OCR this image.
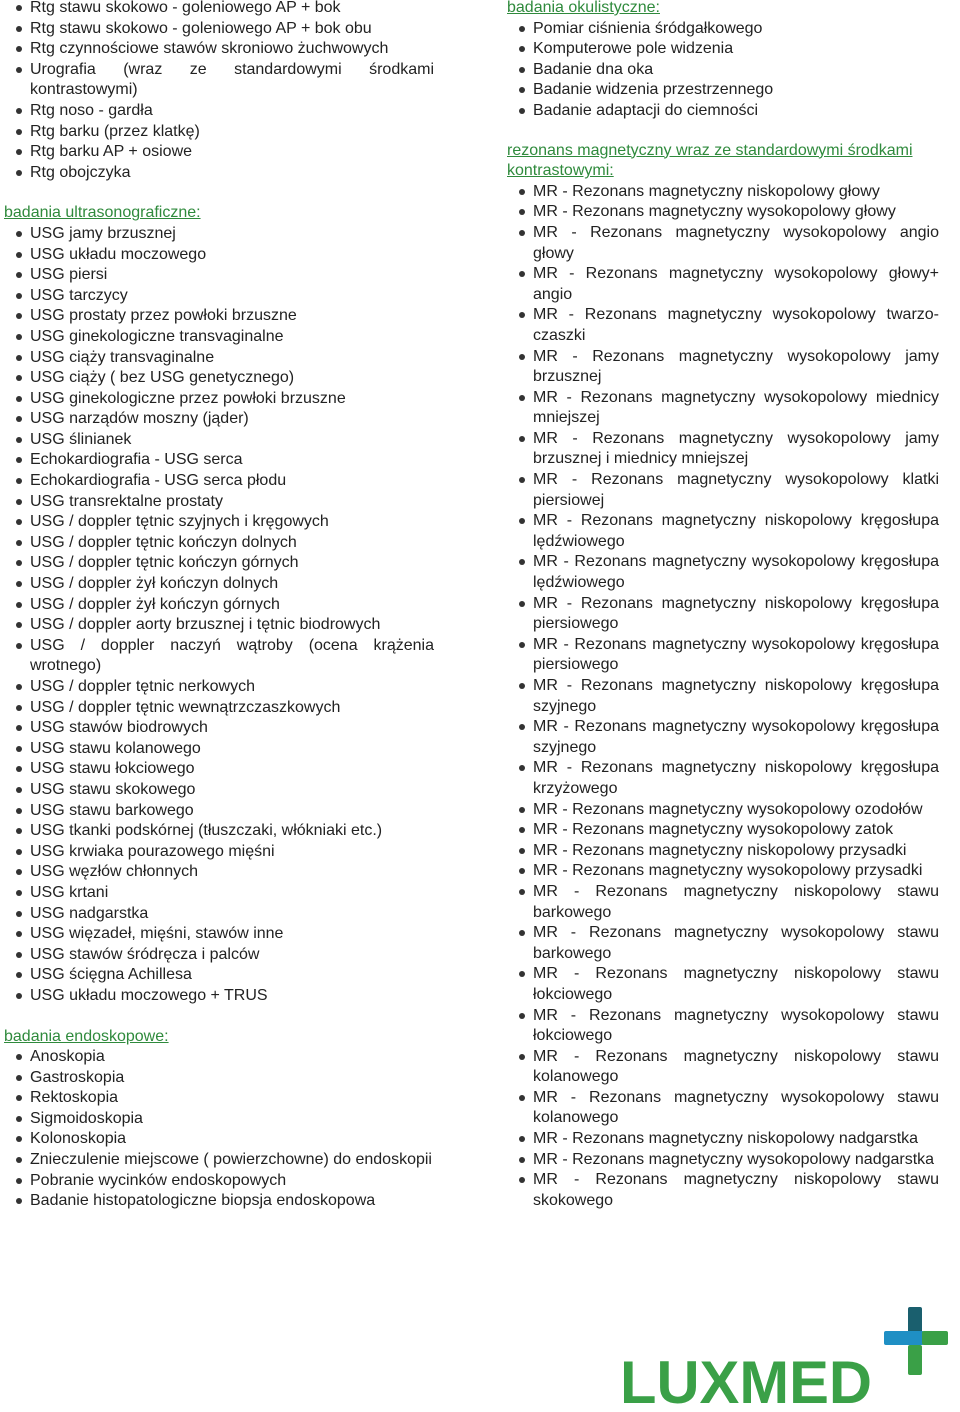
Rtg stawu skokowo - goleniowego AP + bok
Rtg stawu skokowo - goleniowego AP + bok obu
Rtg czynnościowe stawów skroniowo żuchwowych
Urografia (wraz ze standardowymi środkami kontrastowymi)
Rtg noso - gardła
Rtg barku (przez klatkę)
Rtg barku AP + osiowe
Rtg obojczyka

badania ultrasonograficzne:

USG jamy brzusznej
USG układu moczowego
USG piersi
USG tarczycy
USG prostaty przez powłoki brzuszne
USG ginekologiczne transvaginalne
USG ciąży transvaginalne
USG ciąży ( bez USG genetycznego)
USG ginekologiczne przez powłoki brzuszne
USG narządów moszny (jąder)
USG ślinianek
Echokardiografia - USG serca
Echokardiografia - USG serca płodu
USG transrektalne prostaty
USG / doppler tętnic szyjnych i kręgowych
USG / doppler tętnic kończyn dolnych
USG / doppler tętnic kończyn górnych
USG / doppler żył kończyn dolnych
USG / doppler żył kończyn górnych
USG / doppler aorty brzusznej i tętnic biodrowych
USG / doppler naczyń wątroby (ocena krążenia wrotnego)
USG / doppler tętnic nerkowych
USG / doppler tętnic wewnątrzczaszkowych
USG stawów biodrowych
USG stawu kolanowego
USG stawu łokciowego
USG stawu skokowego
USG stawu barkowego
USG tkanki podskórnej (tłuszczaki, włókniaki etc.)
USG krwiaka pourazowego mięśni
USG węzłów chłonnych
USG krtani
USG nadgarstka
USG więzadeł, mięśni, stawów inne
USG stawów śródręcza i palców
USG ścięgna Achillesa
USG układu moczowego + TRUS

badania endoskopowe:

Anoskopia
Gastroskopia
Rektoskopia
Sigmoidoskopia
Kolonoskopia
Znieczulenie miejscowe ( powierzchowne) do endoskopii
Pobranie wycinków endoskopowych
Badanie histopatologiczne biopsja endoskopowa

badania okulistyczne:

Pomiar ciśnienia śródgałkowego
Komputerowe pole widzenia
Badanie dna oka
Badanie widzenia przestrzennego
Badanie adaptacji do ciemności

rezonans magnetyczny wraz ze standardowymi środkami kontrastowymi:

MR - Rezonans magnetyczny niskopolowy głowy
MR - Rezonans magnetyczny wysokopolowy głowy
MR - Rezonans magnetyczny wysokopolowy angio głowy
MR - Rezonans magnetyczny wysokopolowy głowy+ angio
MR - Rezonans magnetyczny wysokopolowy twarzo-czaszki
MR - Rezonans magnetyczny wysokopolowy jamy brzusznej
MR - Rezonans magnetyczny wysokopolowy miednicy mniejszej
MR - Rezonans magnetyczny wysokopolowy jamy brzusznej i miednicy mniejszej
MR - Rezonans magnetyczny wysokopolowy klatki piersiowej
MR - Rezonans magnetyczny niskopolowy kręgosłupa lędźwiowego
MR - Rezonans magnetyczny wysokopolowy kręgosłupa lędźwiowego
MR - Rezonans magnetyczny niskopolowy kręgosłupa piersiowego
MR - Rezonans magnetyczny wysokopolowy kręgosłupa piersiowego
MR - Rezonans magnetyczny niskopolowy kręgosłupa szyjnego
MR - Rezonans magnetyczny wysokopolowy kręgosłupa szyjnego
MR - Rezonans magnetyczny niskopolowy kręgosłupa krzyżowego
MR - Rezonans magnetyczny wysokopolowy ozodołów
MR - Rezonans magnetyczny wysokopolowy zatok
MR - Rezonans magnetyczny niskopolowy przysadki
MR - Rezonans magnetyczny wysokopolowy przysadki
MR - Rezonans magnetyczny niskopolowy stawu barkowego
MR - Rezonans magnetyczny wysokopolowy stawu barkowego
MR - Rezonans magnetyczny niskopolowy stawu łokciowego
MR - Rezonans magnetyczny wysokopolowy stawu łokciowego
MR - Rezonans magnetyczny niskopolowy stawu kolanowego
MR - Rezonans magnetyczny wysokopolowy stawu kolanowego
MR - Rezonans magnetyczny niskopolowy nadgarstka
MR - Rezonans magnetyczny wysokopolowy nadgarstka
MR - Rezonans magnetyczny niskopolowy stawu skokowego
LUXMED
